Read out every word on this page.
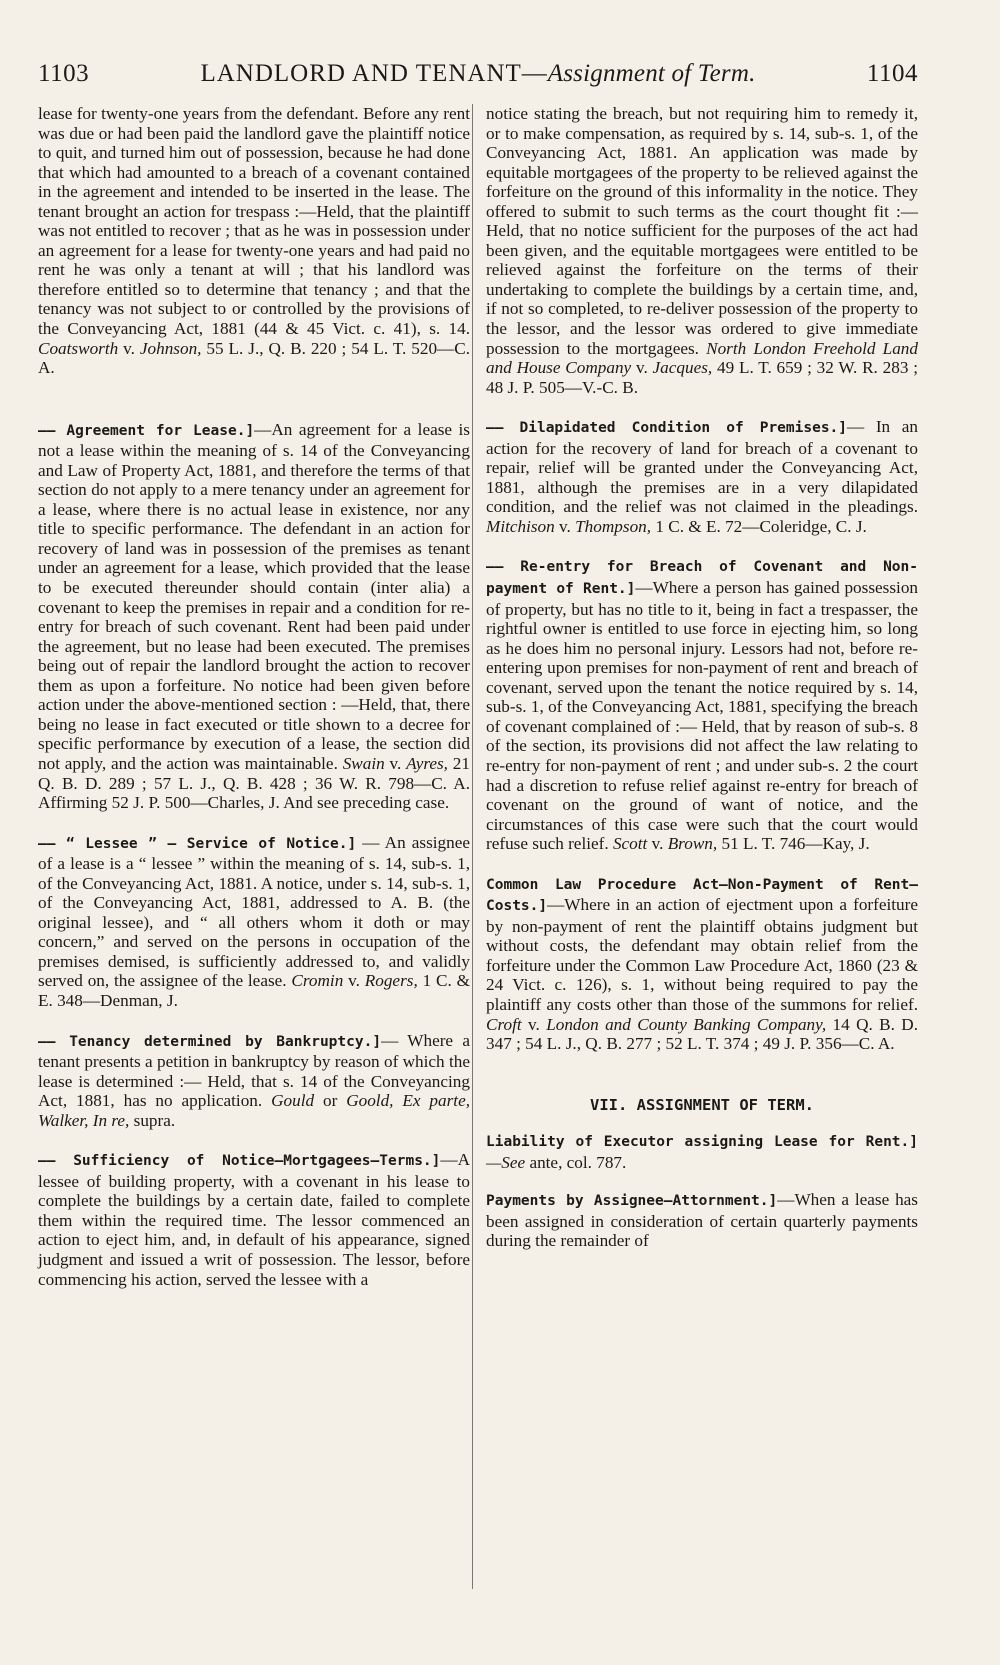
1103	LANDLORD AND TENANT—Assignment of Term.	1104

lease for twenty-one years from the defendant. Before any rent was due or had been paid the landlord gave the plaintiff notice to quit, and turned him out of possession, because he had done that which had amounted to a breach of a covenant contained in the agreement and intended to be inserted in the lease. The tenant brought an action for trespass :—Held, that the plaintiff was not entitled to recover ; that as he was in possession under an agreement for a lease for twenty-one years and had paid no rent he was only a tenant at will ; that his landlord was therefore entitled so to determine that tenancy ; and that the tenancy was not subject to or controlled by the provisions of the Conveyancing Act, 1881 (44 & 45 Vict. c. 41), s. 14. Coatsworth v. Johnson, 55 L. J., Q. B. 220 ; 54 L. T. 520—C. A.

—— Agreement for Lease.]—An agreement for a lease is not a lease within the meaning of s. 14 of the Conveyancing and Law of Property Act, 1881, and therefore the terms of that section do not apply to a mere tenancy under an agreement for a lease, where there is no actual lease in existence, nor any title to specific performance. The defendant in an action for recovery of land was in possession of the premises as tenant under an agreement for a lease, which provided that the lease to be executed thereunder should contain (inter alia) a covenant to keep the premises in repair and a condition for re-entry for breach of such covenant. Rent had been paid under the agreement, but no lease had been executed. The premises being out of repair the landlord brought the action to recover them as upon a forfeiture. No notice had been given before action under the above-mentioned section : —Held, that, there being no lease in fact executed or title shown to a decree for specific performance by execution of a lease, the section did not apply, and the action was maintainable. Swain v. Ayres, 21 Q. B. D. 289 ; 57 L. J., Q. B. 428 ; 36 W. R. 798—C. A. Affirming 52 J. P. 500—Charles, J. And see preceding case.

—— “ Lessee ” — Service of Notice.] — An assignee of a lease is a “ lessee ” within the meaning of s. 14, sub-s. 1, of the Conveyancing Act, 1881. A notice, under s. 14, sub-s. 1, of the Conveyancing Act, 1881, addressed to A. B. (the original lessee), and “ all others whom it doth or may concern,” and served on the persons in occupation of the premises demised, is sufficiently addressed to, and validly served on, the assignee of the lease. Cromin v. Rogers, 1 C. & E. 348—Denman, J.

—— Tenancy determined by Bankruptcy.]— Where a tenant presents a petition in bankruptcy by reason of which the lease is determined :— Held, that s. 14 of the Conveyancing Act, 1881, has no application. Gould or Goold, Ex parte, Walker, In re, supra.

—— Sufficiency of Notice—Mortgagees—Terms.]—A lessee of building property, with a covenant in his lease to complete the buildings by a certain date, failed to complete them within the required time. The lessor commenced an action to eject him, and, in default of his appearance, signed judgment and issued a writ of possession. The lessor, before commencing his action, served the lessee with a

notice stating the breach, but not requiring him to remedy it, or to make compensation, as required by s. 14, sub-s. 1, of the Conveyancing Act, 1881. An application was made by equitable mortgagees of the property to be relieved against the forfeiture on the ground of this informality in the notice. They offered to submit to such terms as the court thought fit :—Held, that no notice sufficient for the purposes of the act had been given, and the equitable mortgagees were entitled to be relieved against the forfeiture on the terms of their undertaking to complete the buildings by a certain time, and, if not so completed, to re-deliver possession of the property to the lessor, and the lessor was ordered to give immediate possession to the mortgagees. North London Freehold Land and House Company v. Jacques, 49 L. T. 659 ; 32 W. R. 283 ; 48 J. P. 505—V.-C. B.

—— Dilapidated Condition of Premises.]— In an action for the recovery of land for breach of a covenant to repair, relief will be granted under the Conveyancing Act, 1881, although the premises are in a very dilapidated condition, and the relief was not claimed in the pleadings. Mitchison v. Thompson, 1 C. & E. 72—Coleridge, C. J.

—— Re-entry for Breach of Covenant and Non-payment of Rent.]—Where a person has gained possession of property, but has no title to it, being in fact a trespasser, the rightful owner is entitled to use force in ejecting him, so long as he does him no personal injury. Lessors had not, before re-entering upon premises for non-payment of rent and breach of covenant, served upon the tenant the notice required by s. 14, sub-s. 1, of the Conveyancing Act, 1881, specifying the breach of covenant complained of :— Held, that by reason of sub-s. 8 of the section, its provisions did not affect the law relating to re-entry for non-payment of rent ; and under sub-s. 2 the court had a discretion to refuse relief against re-entry for breach of covenant on the ground of want of notice, and the circumstances of this case were such that the court would refuse such relief. Scott v. Brown, 51 L. T. 746—Kay, J.

Common Law Procedure Act—Non-Payment of Rent—Costs.]—Where in an action of ejectment upon a forfeiture by non-payment of rent the plaintiff obtains judgment but without costs, the defendant may obtain relief from the forfeiture under the Common Law Procedure Act, 1860 (23 & 24 Vict. c. 126), s. 1, without being required to pay the plaintiff any costs other than those of the summons for relief. Croft v. London and County Banking Company, 14 Q. B. D. 347 ; 54 L. J., Q. B. 277 ; 52 L. T. 374 ; 49 J. P. 356—C. A.

VII. ASSIGNMENT OF TERM.

Liability of Executor assigning Lease for Rent.]—See ante, col. 787.

Payments by Assignee—Attornment.]—When a lease has been assigned in consideration of certain quarterly payments during the remainder of
